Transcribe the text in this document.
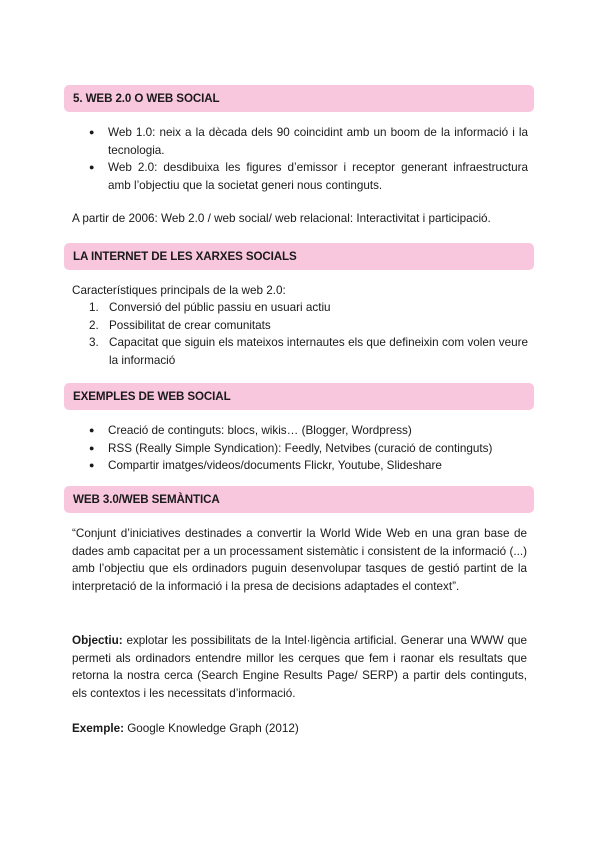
5. WEB 2.0 O WEB SOCIAL
● Web 1.0: neix a la dècada dels 90 coincidint amb un boom de la informació i la tecnologia.
● Web 2.0: desdibuixa les figures d’emissor i receptor generant infraestructura amb l’objectiu que la societat generi nous continguts.
A partir de 2006: Web 2.0 / web social/ web relacional: Interactivitat i participació.
LA INTERNET DE LES XARXES SOCIALS
Característiques principals de la web 2.0:
1. Conversió del públic passiu en usuari actiu
2. Possibilitat de crear comunitats
3. Capacitat que siguin els mateixos internautes els que defineixin com volen veure la informació
EXEMPLES DE WEB SOCIAL
● Creació de continguts: blocs, wikis… (Blogger, Wordpress)
● RSS (Really Simple Syndication): Feedly, Netvibes (curació de continguts)
● Compartir imatges/videos/documents Flickr, Youtube, Slideshare
WEB 3.0/WEB SEMÀNTICA
“Conjunt d’iniciatives destinades a convertir la World Wide Web en una gran base de dades amb capacitat per a un processament sistemàtic i consistent de la informació (...) amb l’objectiu que els ordinadors puguin desenvolupar tasques de gestió partint de la interpretació de la informació i la presa de decisions adaptades el context”.
Objectiu: explotar les possibilitats de la Intel·ligència artificial. Generar una WWW que permeti als ordinadors entendre millor les cerques que fem i raonar els resultats que retorna la nostra cerca (Search Engine Results Page/ SERP) a partir dels continguts, els contextos i les necessitats d’informació.
Exemple: Google Knowledge Graph (2012)
